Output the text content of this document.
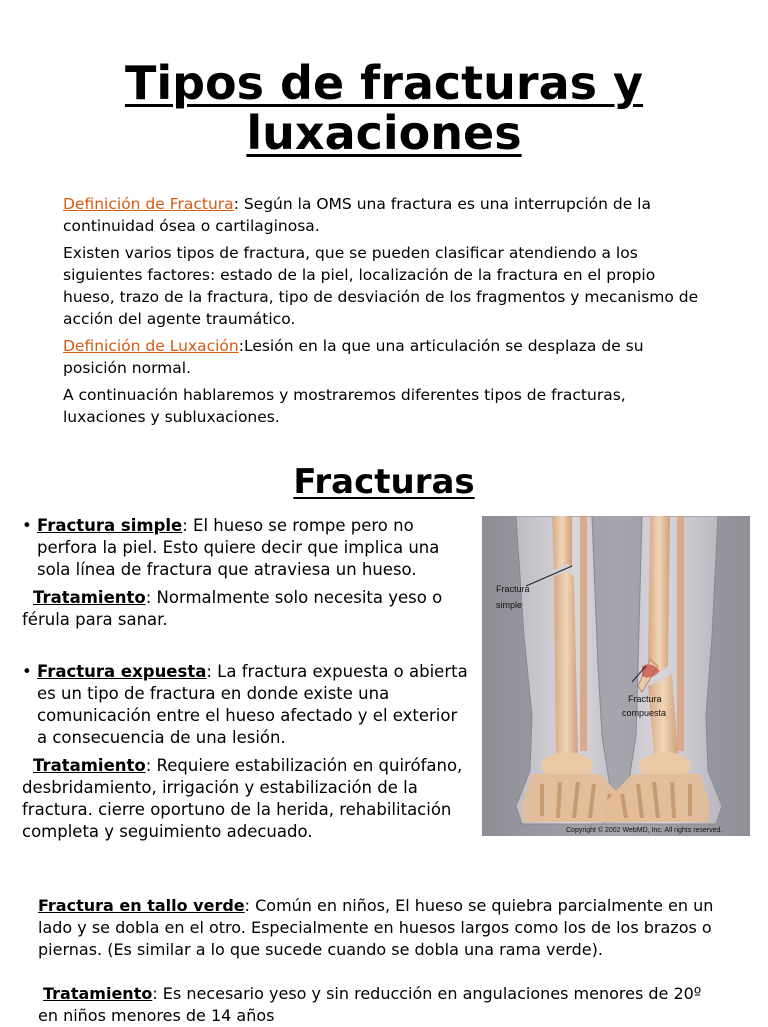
Tipos de fracturas y luxaciones

Definición de Fractura: Según la OMS una fractura es una interrupción de la continuidad ósea o cartilaginosa.

Existen varios tipos de fractura, que se pueden clasificar atendiendo a los siguientes factores: estado de la piel, localización de la fractura en el propio hueso, trazo de la fractura, tipo de desviación de los fragmentos y mecanismo de acción del agente traumático.

Definición de Luxación:Lesión en la que una articulación se desplaza de su posición normal.

A continuación hablaremos y mostraremos diferentes tipos de fracturas, luxaciones y subluxaciones.

Fracturas

• Fractura simple: El hueso se rompe pero no perfora la piel. Esto quiere decir que implica una sola línea de fractura que atraviesa un hueso.

Tratamiento: Normalmente solo necesita yeso o férula para sanar.

• Fractura expuesta: La fractura expuesta o abierta es un tipo de fractura en donde existe una comunicación entre el hueso afectado y el exterior a consecuencia de una lesión.

Tratamiento: Requiere estabilización en quirófano, desbridamiento, irrigación y estabilización de la fractura. cierre oportuno de la herida, rehabilitación completa y seguimiento adecuado.

Fractura
simple
Fractura
compuesta
Copyright © 2002 WebMD, Inc. All rights reserved.

Fractura en tallo verde: Común en niños, El hueso se quiebra parcialmente en un lado y se dobla en el otro. Especialmente en huesos largos como los de los brazos o piernas. (Es similar a lo que sucede cuando se dobla una rama verde).

Tratamiento: Es necesario yeso y sin reducción en angulaciones menores de 20º en niños menores de 14 años
